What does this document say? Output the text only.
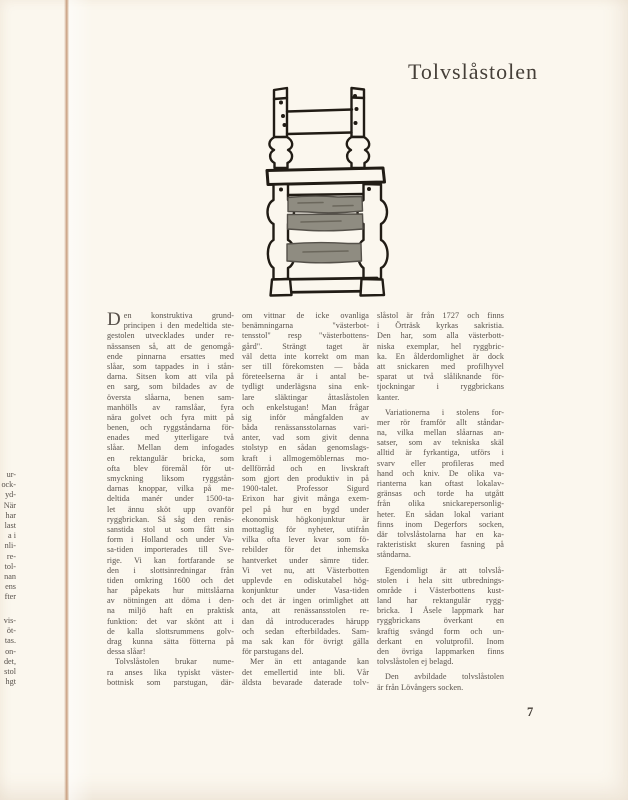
ur-
ock-
yd-
När
har
last
a i
nli-
re-
tol-
nan
ens
fter
vis-
öt-
tas.
on-
det,
stol
hgt
Tolvslåstolen
D en konstruktiva grund-
principen i den medeltida ste-
gestolen utvecklades under re-
nässansen så, att de genomgå-
ende pinnarna ersattes med
slåar, som tappades in i stån-
darna. Sitsen kom att vila på
en sarg, som bildades av de
översta slåarna, benen sam-
manhölls av ramslåar, fyra
nära golvet och fyra mitt på
benen, och ryggståndarna för-
enades med ytterligare två
slåar. Mellan dem infogades
en rektangulär bricka, som
ofta blev föremål för ut-
smyckning liksom ryggstån-
darnas knoppar, vilka på me-
deltida manér under 1500-ta-
let ännu sköt upp ovanför
ryggbrickan. Så såg den renäs-
sanstida stol ut som fått sin
form i Holland och under Va-
sa-tiden importerades till Sve-
rige. Vi kan fortfarande se
den i slottsinredningar från
tiden omkring 1600 och det
har påpekats hur mittslåarna
av nötningen att döma i den-
na miljö haft en praktisk
funktion: det var skönt att i
de kalla slottsrummens golv-
drag kunna sätta fötterna på
dessa slåar!
Tolvslåstolen brukar nume-
ra anses lika typiskt väster-
bottnisk som parstugan, där-
om vittnar de icke ovanliga
benämningarna "västerbot-
tensstol" resp "västerbottens-
gård". Strängt taget är
väl detta inte korrekt om man
ser till förekomsten — båda
företeelserna är i antal be-
tydligt underlägsna sina enk-
lare släktingar åttaslåstolen
och enkelstugan! Man frågar
sig inför mångfalden av
båda renässansstolarnas vari-
anter, vad som givit denna
stolstyp en sådan genomslags-
kraft i allmogemöblernas mo-
dellförråd och en livskraft
som gjort den produktiv in på
1900-talet. Professor Sigurd
Erixon har givit många exem-
pel på hur en bygd under
ekonomisk högkonjunktur är
mottaglig för nyheter, utifrån
vilka ofta lever kvar som fö-
rebilder för det inhemska
hantverket under sämre tider.
Vi vet nu, att Västerbotten
upplevde en odiskutabel hög-
konjunktur under Vasa-tiden
och det är ingen orimlighet att
anta, att renässansstolen re-
dan då introducerades härupp
och sedan efterbildades. Sam-
ma sak kan för övrigt gälla
för parstugans del.
Mer än ett antagande kan
det emellertid inte bli. Vår
äldsta bevarade daterade tolv-
slåstol är från 1727 och finns
i Örträsk kyrkas sakristia.
Den har, som alla västerbott-
niska exemplar, hel ryggbric-
ka. En ålderdomlighet är dock
att snickaren med profilhyvel
sparat ut två slåliknande för-
tjockningar i ryggbrickans
kanter.
Variationerna i stolens for-
mer rör framför allt ståndar-
na, vilka mellan slåarnas an-
satser, som av tekniska skäl
alltid är fyrkantiga, utförs i
svarv eller profileras med
hand och kniv. De olika va-
rianterna kan oftast lokalav-
gränsas och torde ha utgått
från olika snickarepersonlig-
heter. En sådan lokal variant
finns inom Degerfors socken,
där tolvslåstolarna har en ka-
rakteristiskt skuren fasning på
ståndarna.
Egendomligt är att tolvslå-
stolen i hela sitt utbrednings-
område i Västerbottens kust-
land har rektangulär rygg-
bricka. I Åsele lappmark har
ryggbrickans överkant en
kraftig svängd form och un-
derkant en volutprofil. Inom
den övriga lappmarken finns
tolvslåstolen ej belagd.
Den avbildade tolvslåstolen
är från Lövångers socken.
7
